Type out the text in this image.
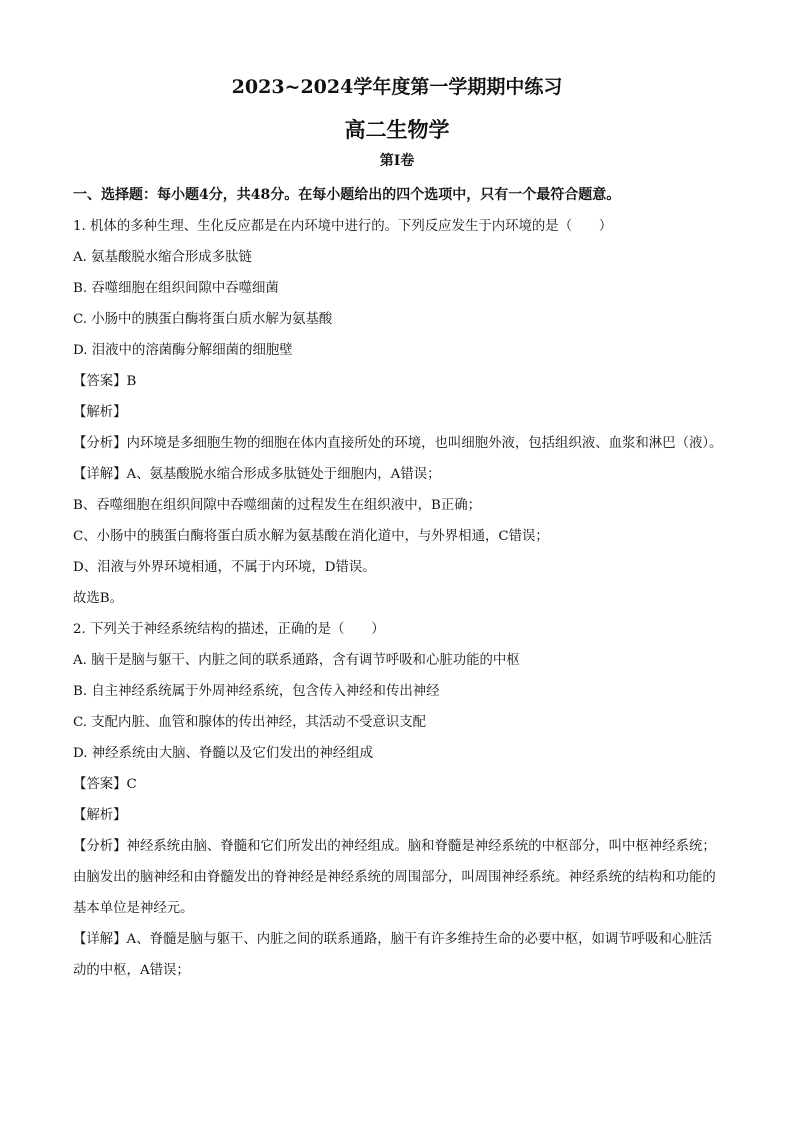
2023~2024学年度第一学期期中练习
高二生物学
第Ⅰ卷
一、选择题：每小题4分，共48分。在每小题给出的四个选项中，只有一个最符合题意。
1. 机体的多种生理、生化反应都是在内环境中进行的。下列反应发生于内环境的是（　　）
A. 氨基酸脱水缩合形成多肽链
B. 吞噬细胞在组织间隙中吞噬细菌
C. 小肠中的胰蛋白酶将蛋白质水解为氨基酸
D. 泪液中的溶菌酶分解细菌的细胞壁
【答案】B
【解析】
【分析】内环境是多细胞生物的细胞在体内直接所处的环境，也叫细胞外液，包括组织液、血浆和淋巴（液）。
【详解】A、氨基酸脱水缩合形成多肽链处于细胞内，A错误；
B、吞噬细胞在组织间隙中吞噬细菌的过程发生在组织液中，B正确；
C、小肠中的胰蛋白酶将蛋白质水解为氨基酸在消化道中，与外界相通，C错误；
D、泪液与外界环境相通，不属于内环境，D错误。
故选B。
2. 下列关于神经系统结构的描述，正确的是（　　）
A. 脑干是脑与躯干、内脏之间的联系通路，含有调节呼吸和心脏功能的中枢
B. 自主神经系统属于外周神经系统，包含传入神经和传出神经
C. 支配内脏、血管和腺体的传出神经，其活动不受意识支配
D. 神经系统由大脑、脊髓以及它们发出的神经组成
【答案】C
【解析】
【分析】神经系统由脑、脊髓和它们所发出的神经组成。脑和脊髓是神经系统的中枢部分，叫中枢神经系统；由脑发出的脑神经和由脊髓发出的脊神经是神经系统的周围部分，叫周围神经系统。神经系统的结构和功能的基本单位是神经元。
【详解】A、脊髓是脑与躯干、内脏之间的联系通路，脑干有许多维持生命的必要中枢，如调节呼吸和心脏活动的中枢，A错误；
